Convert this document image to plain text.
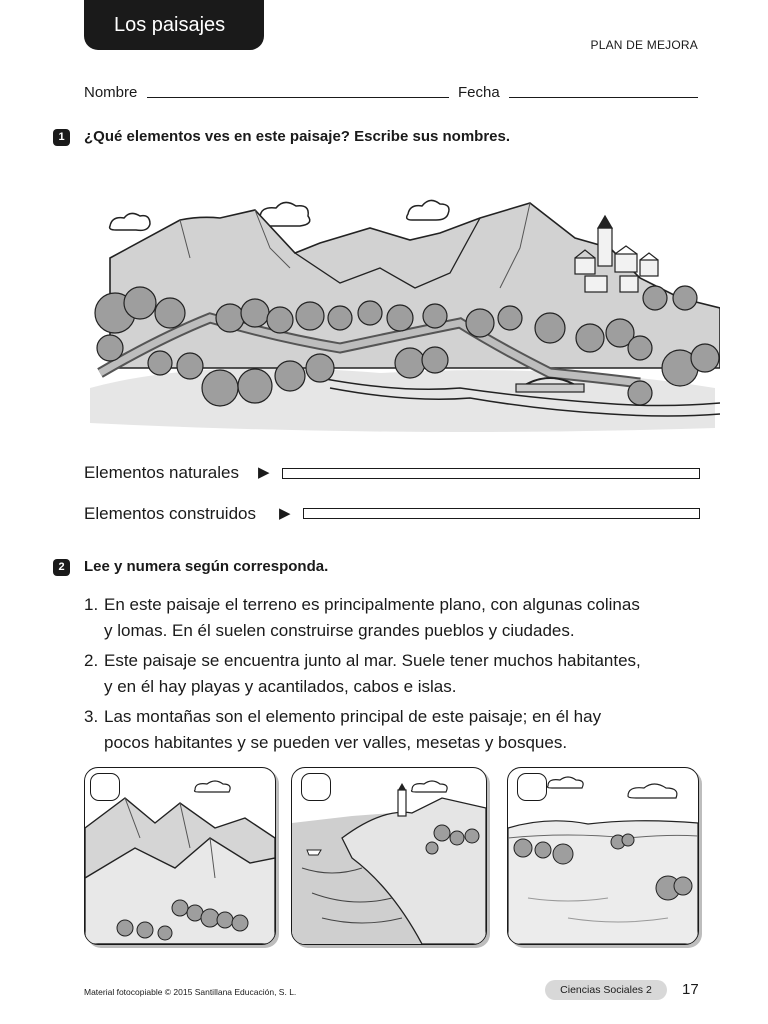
Los paisajes
PLAN DE MEJORA
Nombre	Fecha
1	¿Qué elementos ves en este paisaje? Escribe sus nombres.
Elementos naturales ▶
Elementos construidos ▶
2	Lee y numera según corresponda.
1. En este paisaje el terreno es principalmente plano, con algunas colinas
y lomas. En él suelen construirse grandes pueblos y ciudades.
2. Este paisaje se encuentra junto al mar. Suele tener muchos habitantes,
y en él hay playas y acantilados, cabos e islas.
3. Las montañas son el elemento principal de este paisaje; en él hay
pocos habitantes y se pueden ver valles, mesetas y bosques.
Material fotocopiable © 2015 Santillana Educación, S. L.	Ciencias Sociales 2	17
